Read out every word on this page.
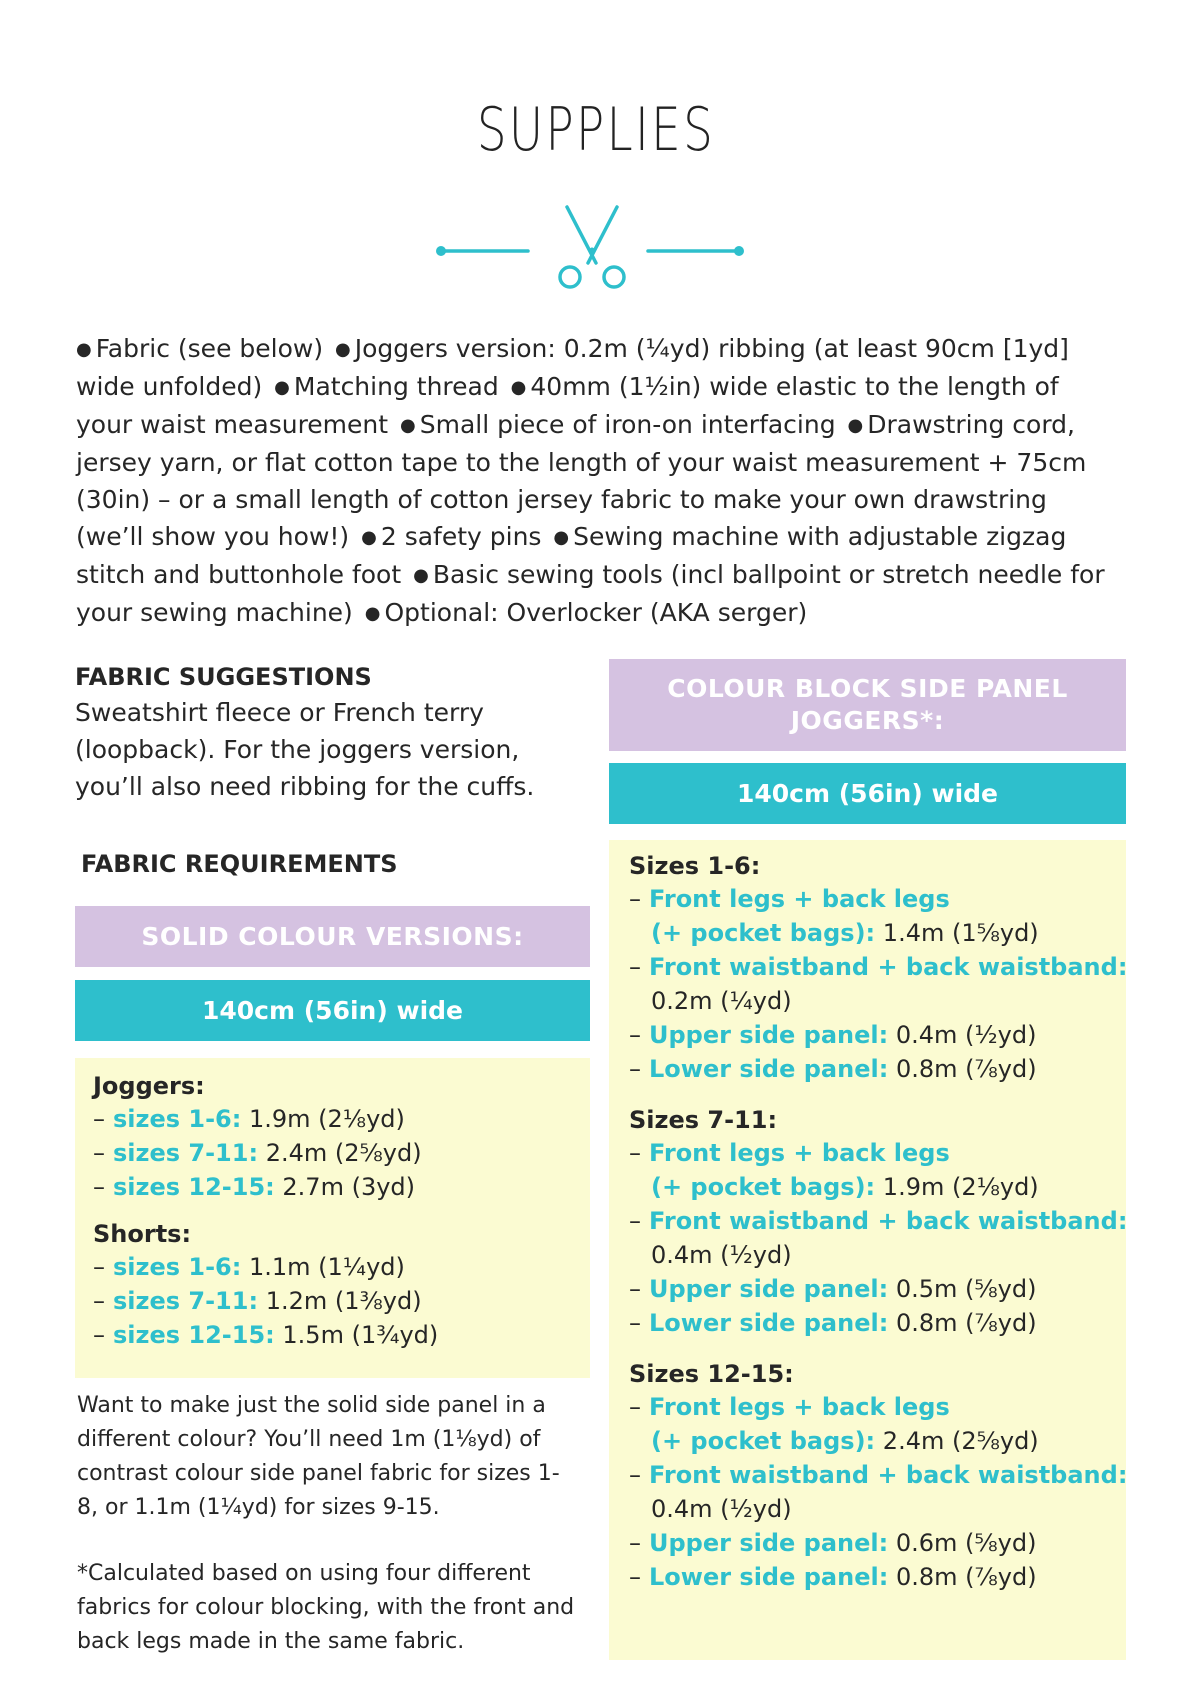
SUPPLIES
● Fabric (see below) ● Joggers version: 0.2m (¼yd) ribbing (at least 90cm [1yd] wide unfolded) ● Matching thread ● 40mm (1½in) wide elastic to the length of your waist measurement ● Small piece of iron-on interfacing ● Drawstring cord, jersey yarn, or flat cotton tape to the length of your waist measurement + 75cm (30in) – or a small length of cotton jersey fabric to make your own drawstring (we’ll show you how!) ● 2 safety pins ● Sewing machine with adjustable zigzag stitch and buttonhole foot ● Basic sewing tools (incl ballpoint or stretch needle for your sewing machine) ● Optional: Overlocker (AKA serger)
FABRIC SUGGESTIONS

Sweatshirt fleece or French terry (loopback). For the joggers version, you’ll also need ribbing for the cuffs.

FABRIC REQUIREMENTS
SOLID COLOUR VERSIONS:
140cm (56in) wide
Joggers:
– sizes 1-6: 1.9m (2⅛yd)
– sizes 7-11: 2.4m (2⅝yd)
– sizes 12-15: 2.7m (3yd)
Shorts:
– sizes 1-6: 1.1m (1¼yd)
– sizes 7-11: 1.2m (1⅜yd)
– sizes 12-15: 1.5m (1¾yd)

Want to make just the solid side panel in a different colour? You’ll need 1m (1⅛yd) of contrast colour side panel fabric for sizes 1-8, or 1.1m (1¼yd) for sizes 9-15.

*Calculated based on using four different fabrics for colour blocking, with the front and back legs made in the same fabric.

COLOUR BLOCK SIDE PANEL
JOGGERS*:
140cm (56in) wide
Sizes 1-6:
– Front legs + back legs
(+ pocket bags): 1.4m (1⅝yd)
– Front waistband + back waistband:
0.2m (¼yd)
– Upper side panel: 0.4m (½yd)
– Lower side panel: 0.8m (⅞yd)
Sizes 7-11:
– Front legs + back legs
(+ pocket bags): 1.9m (2⅛yd)
– Front waistband + back waistband:
0.4m (½yd)
– Upper side panel: 0.5m (⅝yd)
– Lower side panel: 0.8m (⅞yd)
Sizes 12-15:
– Front legs + back legs
(+ pocket bags): 2.4m (2⅝yd)
– Front waistband + back waistband:
0.4m (½yd)
– Upper side panel: 0.6m (⅝yd)
– Lower side panel: 0.8m (⅞yd)
